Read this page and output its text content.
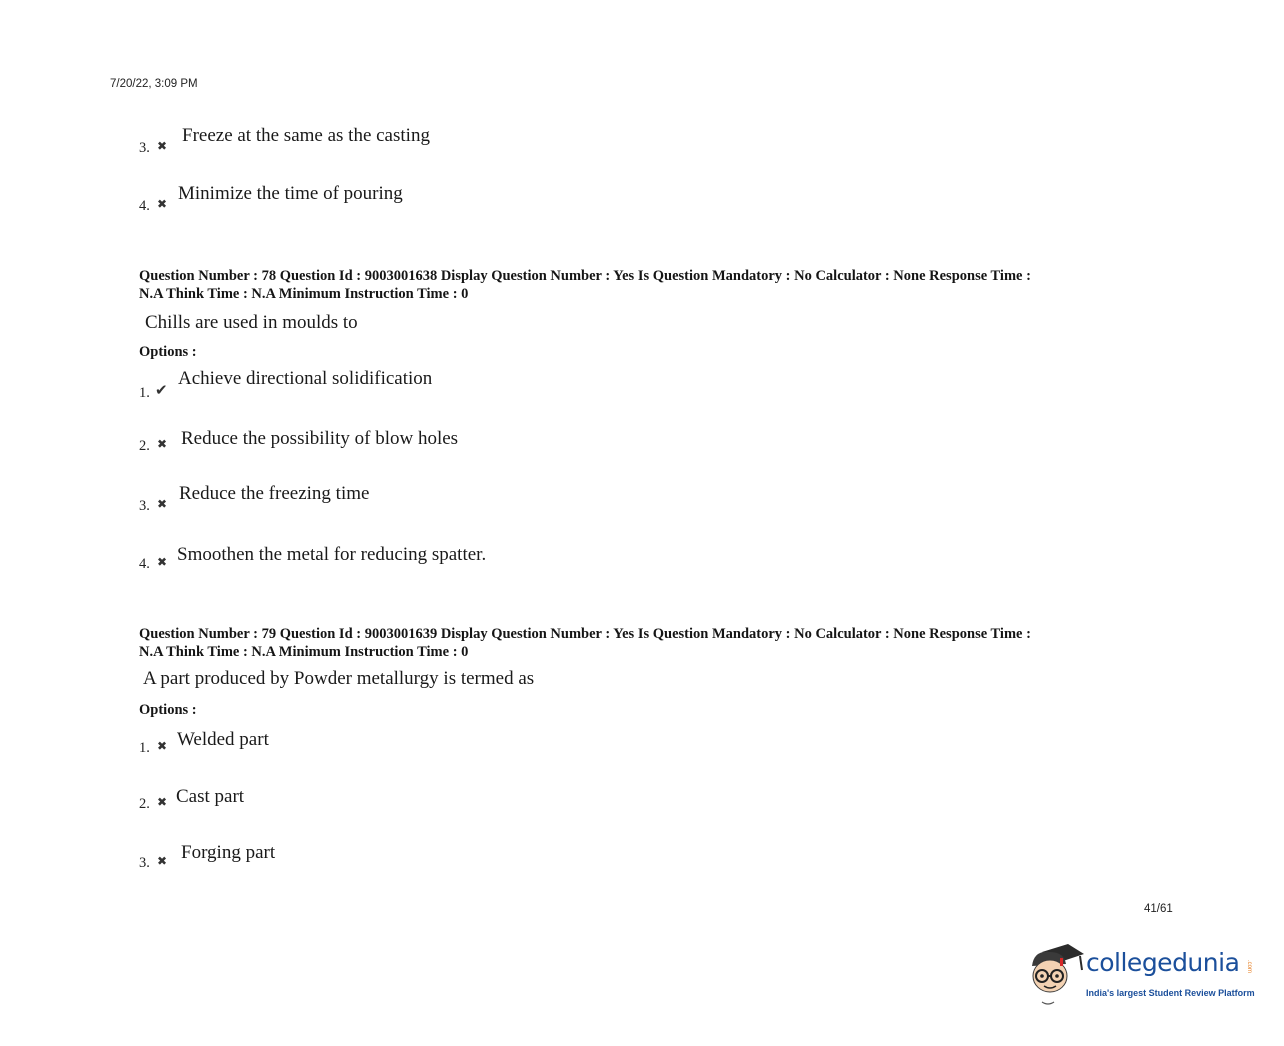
7/20/22, 3:09 PM
3. ✖ Freeze at the same as the casting
4. ✖ Minimize the time of pouring
Question Number : 78 Question Id : 9003001638 Display Question Number : Yes Is Question Mandatory : No Calculator : None Response Time :
N.A Think Time : N.A Minimum Instruction Time : 0
Chills are used in moulds to
Options :
1. ✔
Achieve directional solidification
2. ✖ Reduce the possibility of blow holes
3. ✖ Reduce the freezing time
4. ✖ Smoothen the metal for reducing spatter.
Question Number : 79 Question Id : 9003001639 Display Question Number : Yes Is Question Mandatory : No Calculator : None Response Time :
N.A Think Time : N.A Minimum Instruction Time : 0
A part produced by Powder metallurgy is termed as
Options :
1. ✖ Welded part
2. ✖ Cast part
3. ✖ Forging part
41/61
collegedunia .com
India's largest Student Review Platform
